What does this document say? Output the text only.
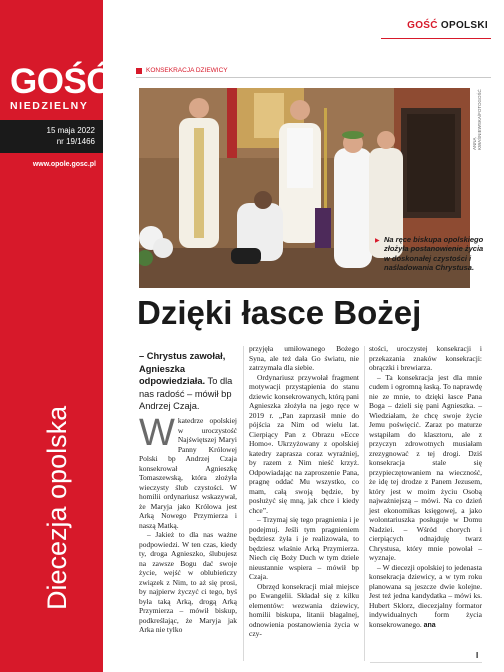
GOŚĆ
NIEDZIELNY
15 maja 2022
nr 19/1466
www.opole.gosc.pl
Diecezja opolska
GOŚĆ OPOLSKI
KONSEKRACJA DZIEWICY
ANNA KWAŚNIEWSKA/FOTOGOŚĆ
▶ Na ręce biskupa opolskiego złożyła postanowienie życia w doskonałej czystości i naśladowania Chrystusa.
Dzięki łasce Bożej
– Chrystus zawołał, Agnieszka odpowiedziała. To dla nas radość – mówił bp Andrzej Czaja.

Wkatedrze opolskiej w uroczystość Najświętszej Maryi Panny Królowej Polski bp Andrzej Czaja konsekrował Agnieszkę Tomaszewską, która złożyła wieczysty ślub czystości. W homilii ordynariusz wskazywał, że Maryja jako Królowa jest Arką Nowego Przymierza i naszą Matką.

– Jakież to dla nas ważne podpowiedzi. W ten czas, kiedy ty, droga Agnieszko, ślubujesz na zawsze Bogu dać swoje życie, wejść w oblubieńczy związek z Nim, to aż się prosi, by najpierw życzyć ci tego, byś była taką Arką, drogą Arką Przymierza – mówił biskup, podkreślając, że Maryja jak Arka nie tylko

przyjęła umiłowanego Bożego Syna, ale też dała Go światu, nie zatrzymała dla siebie.

Ordynariusz przywołał fragment motywacji przystąpienia do stanu dziewic konsekrowanych, którą pani Agnieszka złożyła na jego ręce w 2019 r. „Pan zaprzasił mnie do pójścia za Nim od wielu lat. Cierpiący Pan z Obrazu »Ecce Homo«. Ukrzyżowany z opolskiej katedry zaprasza coraz wyraźniej, by razem z Nim nieść krzyż. Odpowiadając na zaproszenie Pana, pragnę oddać Mu wszystko, co mam, całą swoją będzie, by posłużyć się mną, jak chce i kiedy chce”.

– Trzymaj się tego pragnienia i je podejmuj. Jeśli tym pragnieniem będziesz żyła i je realizowała, to będziesz właśnie Arką Przymierza. Niech cię Boży Duch w tym dziele nieustannie wspiera – mówił bp Czaja.

Obrzęd konsekracji miał miejsce po Ewangelii. Składał się z kilku elementów: wezwania dziewicy, homilii biskupa, litanii błagalnej, odnowienia postanowienia życia w czy-

stości, uroczystej konsekracji i przekazania znaków konsekracji: obrączki i brewiarza.

– Ta konsekracja jest dla mnie cudem i ogromną łaską. To naprawdę nie ze mnie, to dzięki łasce Pana Boga – dzieli się pani Agnieszka. – Wiedziałam, że chcę swoje życie Jemu poświęcić. Zaraz po maturze wstąpiłam do klasztoru, ale z przyczyn zdrowotnych musiałam zrezygnować z tej drogi. Dziś konsekracja stale się przypieczętowaniem na wieczność, że idę tej drodze z Panem Jezusem, który jest w moim życiu Osobą najważniejszą – mówi. Na co dzień jest ekonomikas księgowej, a jako wolontariuszka posługuje w Domu Nadziei. – Wśród chorych i cierpiących odnajduję twarz Chrystusa, który mnie powołał – wyznaje.

– W diecezji opolskiej to jedenasta konsekracja dziewicy, a w tym roku planowana są jeszcze dwie kolejne. Jest też jedna kandydatka – mówi ks. Hubert Sklorz, diecezjalny formator indywidualnych form życia konsekrowanego. ana

I
